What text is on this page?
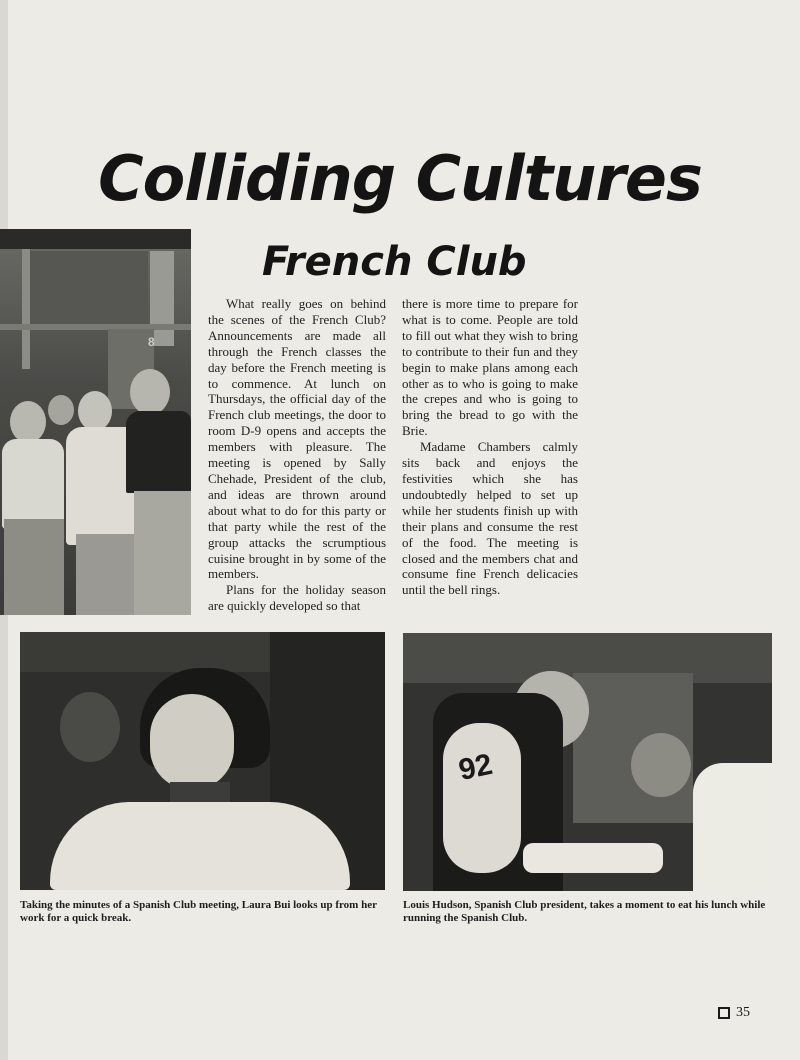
Colliding Cultures
French Club
8

What really goes on behind the scenes of the French Club? Announcements are made all through the French classes the day before the French meeting is to commence. At lunch on Thursdays, the official day of the French club meetings, the door to room D-9 opens and accepts the members with pleasure. The meeting is opened by Sally Chehade, President of the club, and ideas are thrown around about what to do for this party or that party while the rest of the group attacks the scrumptious cuisine brought in by some of the members.

Plans for the holiday season are quickly developed so that

there is more time to prepare for what is to come. People are told to fill out what they wish to bring to contribute to their fun and they begin to make plans among each other as to who is going to make the crepes and who is going to bring the bread to go with the Brie.

Madame Chambers calmly sits back and enjoys the festivities which she has undoubtedly helped to set up while her students finish up with their plans and consume the rest of the food. The meeting is closed and the members chat and consume fine French delicacies until the bell rings.

92

Taking the minutes of a Spanish Club meeting, Laura Bui looks up from her work for a quick break.

Louis Hudson, Spanish Club president, takes a moment to eat his lunch while running the Spanish Club.

35
